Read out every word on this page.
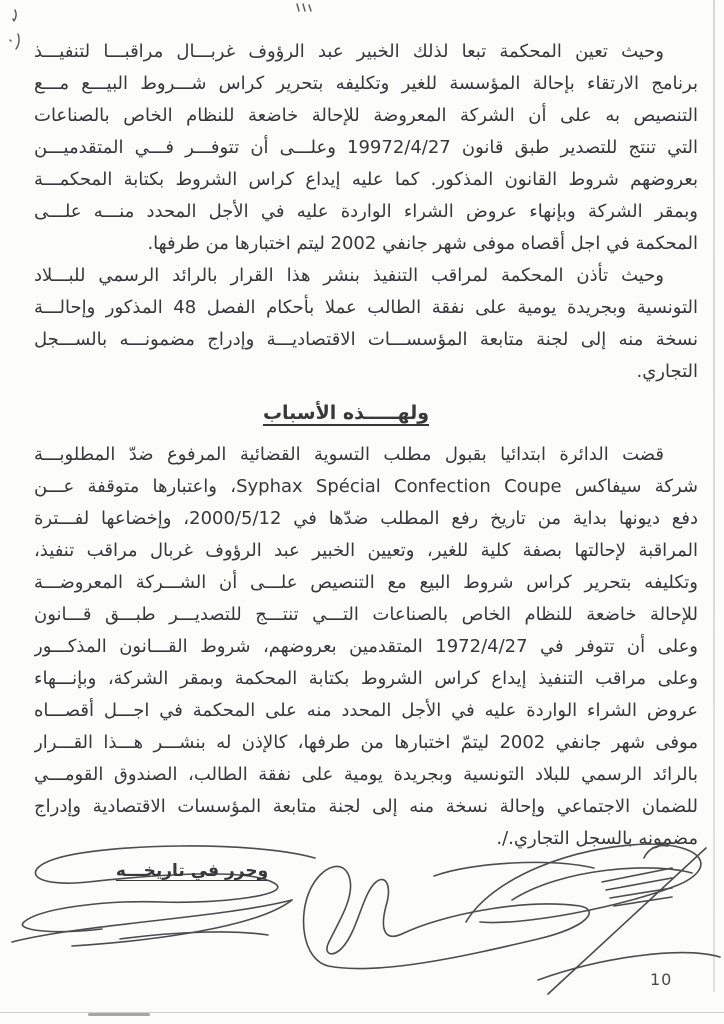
وحيث تعين المحكمة تبعا لذلك الخبير عبد الرؤوف غربـــال مراقبـــا لتنفيـــذ
برنامج الارتقاء بإحالة المؤسسة للغير وتكليفه بتحرير كراس شـــروط البيـــع مـــع
التنصيص به على أن الشركة المعروضة للإحالة خاضعة للنظام الخاص بالصناعات
التي تنتج للتصدير طبق قانون 19972/4/27 وعلـــى أن تتوفـــر فـــي المتقدميـــن
بعروضهم شروط القانون المذكور. كما عليه إيداع كراس الشروط بكتابة المحكمـــة
وبمقر الشركة وبإنهاء عروض الشراء الواردة عليه في الأجل المحدد منـــه علـــى
المحكمة في اجل أقصاه موفى شهر جانفي 2002 ليتم اختبارها من طرفها.
وحيث تأذن المحكمة لمراقب التنفيذ بنشر هذا القرار بالرائد الرسمي للبـــلاد
التونسية وبجريدة يومية على نفقة الطالب عملا بأحكام الفصل 48 المذكور وإحالـــة
نسخة منه إلى لجنة متابعة المؤسســـات الاقتصاديـــة وإدراج مضمونـــه بالســـجل
التجاري.
ولهـــــذه الأسباب
قضت الدائرة ابتدائيا بقبول مطلب التسوية القضائية المرفوع ضدّ المطلوبـــة
شركة سيفاكس Syphax Spécial Confection Coupe، واعتبارها متوقفة عـــن
دفع ديونها بداية من تاريخ رفع المطلب ضدّها في 2000/5/12، وإخضاعها لفـــترة
المراقبة لإحالتها بصفة كلية للغير، وتعيين الخبير عبد الرؤوف غربال مراقب تنفيذ،
وتكليفه بتحرير كراس شروط البيع مع التنصيص علـــى أن الشـــركة المعروضـــة
للإحالة خاضعة للنظام الخاص بالصناعات التـــي تنتـــج للتصديـــر طبـــق قـــانون
وعلى أن تتوفر في 1972/4/27 المتقدمين بعروضهم، شروط القـــانون المذكـــور
وعلى مراقب التنفيذ إيداع كراس الشروط بكتابة المحكمة وبمقر الشركة، وبإنـــهاء
عروض الشراء الواردة عليه في الأجل المحدد منه على المحكمة في اجـــل أقصـــاه
موفى شهر جانفي 2002 ليتمّ اختبارها من طرفها، كالإذن له بنشـــر هـــذا القـــرار
بالرائد الرسمي للبلاد التونسية وبجريدة يومية على نفقة الطالب، الصندوق القومـــي
للضمان الاجتماعي وإحالة نسخة منه إلى لجنة متابعة المؤسسات الاقتصادية وإدراج
مضمونه بالسجل التجاري./.
وحرر في تاريخـــه
10
